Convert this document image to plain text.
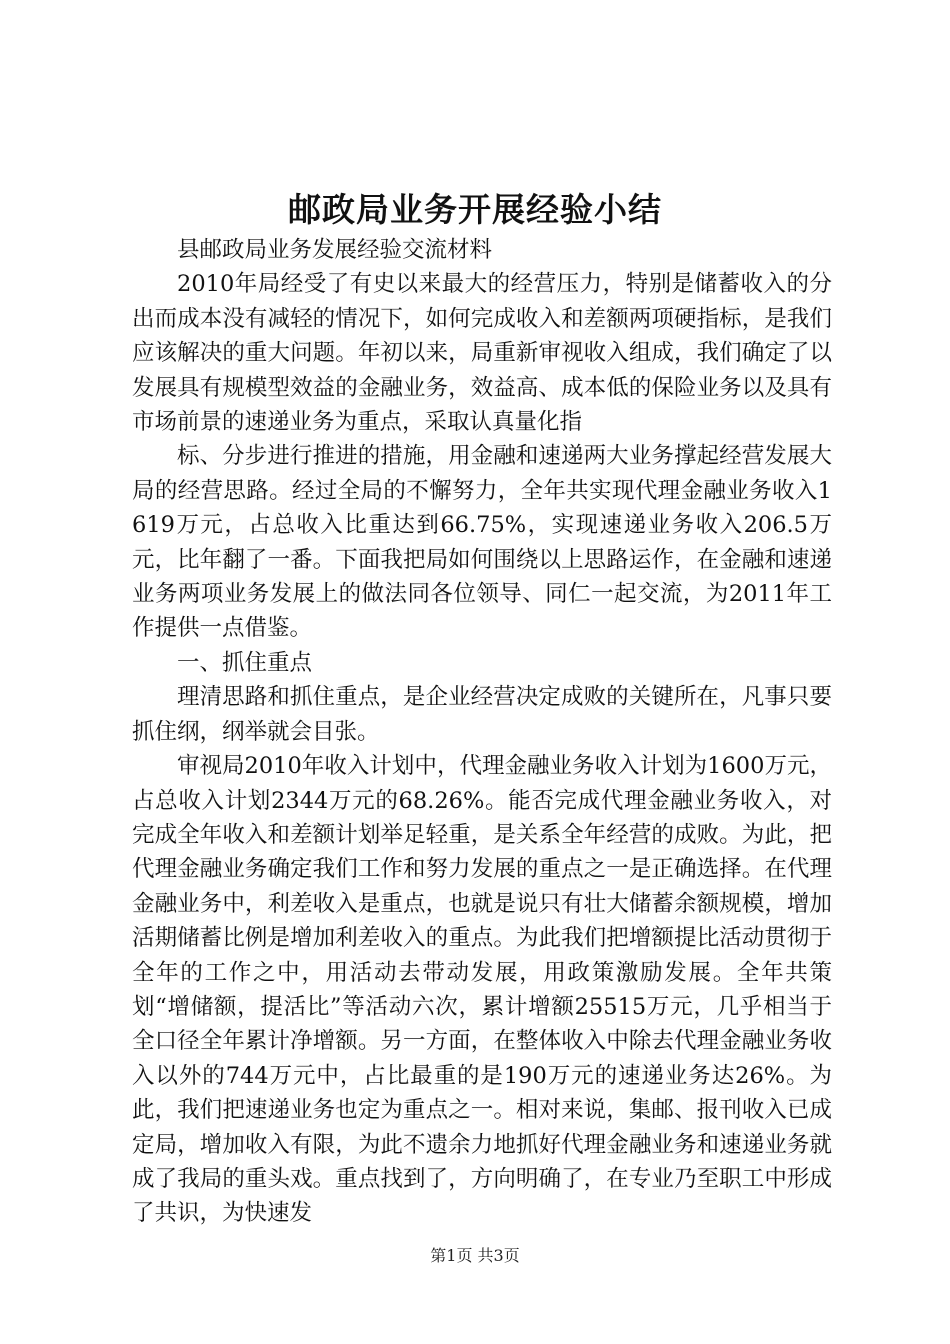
邮政局业务开展经验小结

县邮政局业务发展经验交流材料

2010年局经受了有史以来最大的经营压力，特别是储蓄收入的分出而成本没有减轻的情况下，如何完成收入和差额两项硬指标，是我们应该解决的重大问题。年初以来，局重新审视收入组成，我们确定了以发展具有规模型效益的金融业务，效益高、成本低的保险业务以及具有市场前景的速递业务为重点，采取认真量化指

标、分步进行推进的措施，用金融和速递两大业务撑起经营发展大局的经营思路。经过全局的不懈努力，全年共实现代理金融业务收入1619万元，占总收入比重达到66.75%，实现速递业务收入206.5万元，比年翻了一番。下面我把局如何围绕以上思路运作，在金融和速递业务两项业务发展上的做法同各位领导、同仁一起交流，为2011年工作提供一点借鉴。

一、抓住重点

理清思路和抓住重点，是企业经营决定成败的关键所在，凡事只要抓住纲，纲举就会目张。

审视局2010年收入计划中，代理金融业务收入计划为1600万元，占总收入计划2344万元的68.26%。能否完成代理金融业务收入，对完成全年收入和差额计划举足轻重，是关系全年经营的成败。为此，把代理金融业务确定我们工作和努力发展的重点之一是正确选择。在代理金融业务中，利差收入是重点，也就是说只有壮大储蓄余额规模，增加活期储蓄比例是增加利差收入的重点。为此我们把增额提比活动贯彻于全年的工作之中，用活动去带动发展，用政策激励发展。全年共策划“增储额，提活比”等活动六次，累计增额25515万元，几乎相当于全口径全年累计净增额。另一方面，在整体收入中除去代理金融业务收入以外的744万元中，占比最重的是190万元的速递业务达26%。为此，我们把速递业务也定为重点之一。相对来说，集邮、报刊收入已成定局，增加收入有限，为此不遗余力地抓好代理金融业务和速递业务就成了我局的重头戏。重点找到了，方向明确了，在专业乃至职工中形成了共识，为快速发

第1页 共3页
